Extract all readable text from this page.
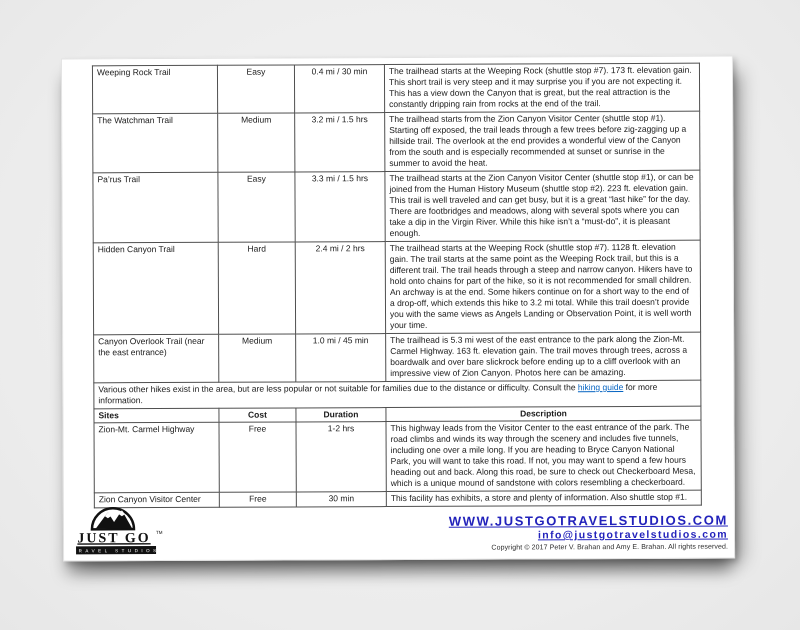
Weeping Rock Trail	Easy	0.4 mi / 30 min	The trailhead starts at the Weeping Rock (shuttle stop #7). 173 ft. elevation gain. This short trail is very steep and it may surprise you if you are not expecting it. This has a view down the Canyon that is great, but the real attraction is the constantly dripping rain from rocks at the end of the trail.
The Watchman Trail	Medium	3.2 mi / 1.5 hrs	The trailhead starts from the Zion Canyon Visitor Center (shuttle stop #1). Starting off exposed, the trail leads through a few trees before zig-zagging up a hillside trail. The overlook at the end provides a wonderful view of the Canyon from the south and is especially recommended at sunset or sunrise in the summer to avoid the heat.
Pa’rus Trail	Easy	3.3 mi / 1.5 hrs	The trailhead starts at the Zion Canyon Visitor Center (shuttle stop #1), or can be joined from the Human History Museum (shuttle stop #2). 223 ft. elevation gain. This trail is well traveled and can get busy, but it is a great “last hike” for the day. There are footbridges and meadows, along with several spots where you can take a dip in the Virgin River. While this hike isn’t a “must-do”, it is pleasant enough.
Hidden Canyon Trail	Hard	2.4 mi / 2 hrs	The trailhead starts at the Weeping Rock (shuttle stop #7). 1128 ft. elevation gain. The trail starts at the same point as the Weeping Rock trail, but this is a different trail. The trail heads through a steep and narrow canyon. Hikers have to hold onto chains for part of the hike, so it is not recommended for small children. An archway is at the end. Some hikers continue on for a short way to the end of a drop-off, which extends this hike to 3.2 mi total. While this trail doesn’t provide you with the same views as Angels Landing or Observation Point, it is well worth your time.
Canyon Overlook Trail (near the east entrance)	Medium	1.0 mi / 45 min	The trailhead is 5.3 mi west of the east entrance to the park along the Zion-Mt. Carmel Highway. 163 ft. elevation gain. The trail moves through trees, across a boardwalk and over bare slickrock before ending up to a cliff overlook with an impressive view of Zion Canyon. Photos here can be amazing.
Various other hikes exist in the area, but are less popular or not suitable for families due to the distance or difficulty. Consult the hiking guide for more information.			
Sites	Cost	Duration	Description
Zion-Mt. Carmel Highway	Free	1-2 hrs	This highway leads from the Visitor Center to the east entrance of the park. The road climbs and winds its way through the scenery and includes five tunnels, including one over a mile long. If you are heading to Bryce Canyon National Park, you will want to take this road. If not, you may want to spend a few hours heading out and back. Along this road, be sure to check out Checkerboard Mesa, which is a unique mound of sandstone with colors resembling a checkerboard.
Zion Canyon Visitor Center	Free	30 min	This facility has exhibits, a store and plenty of information. Also shuttle stop #1.
JUST GO TM
TRAVEL STUDIOS
WWW.JUSTGOTRAVELSTUDIOS.COM
info@justgotravelstudios.com
Copyright © 2017 Peter V. Brahan and Amy E. Brahan. All rights reserved.
